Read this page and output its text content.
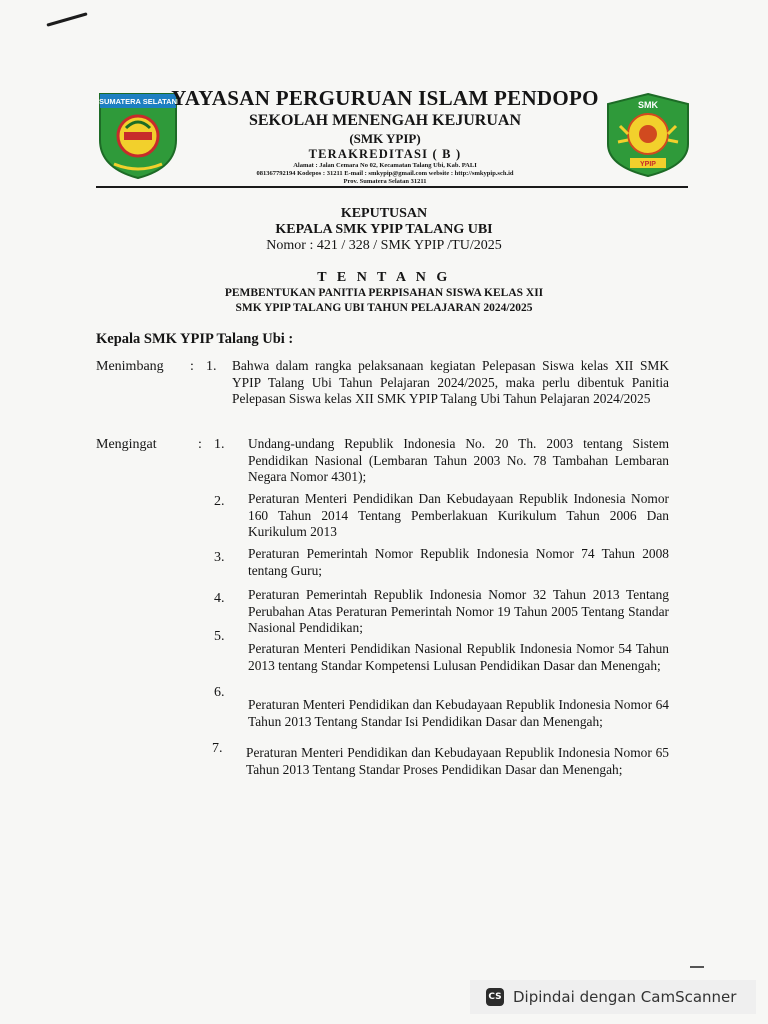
SUMATERA SELATAN	SMK
YPIP
YAYASAN PERGURUAN ISLAM PENDOPO
SEKOLAH MENENGAH KEJURUAN
(SMK YPIP)
TERAKREDITASI ( B )
Alamat : Jalan Cemara No 02, Kecamatan Talang Ubi, Kab. PALI
081367792194 Kodepos : 31211 E-mail : smkypip@gmail.com website : http://smkypip.sch.id
Prov. Sumatera Selatan 31211
KEPUTUSAN
KEPALA SMK YPIP TALANG UBI
Nomor : 421 / 328 / SMK YPIP /TU/2025
T E N T A N G
PEMBENTUKAN PANITIA PERPISAHAN SISWA KELAS XII
SMK YPIP TALANG UBI TAHUN PELAJARAN 2024/2025
Kepala SMK YPIP Talang Ubi :
Menimbang : 1. Bahwa dalam rangka pelaksanaan kegiatan Pelepasan Siswa kelas XII SMK YPIP Talang Ubi Tahun Pelajaran 2024/2025, maka perlu dibentuk Panitia Pelepasan Siswa kelas XII SMK YPIP Talang Ubi Tahun Pelajaran 2024/2025
Mengingat	: 1. Undang-undang Republik Indonesia No. 20 Th. 2003 tentang Sistem Pendidikan Nasional (Lembaran Tahun 2003 No. 78 Tambahan Lembaran Negara Nomor 4301);
2. Peraturan Menteri Pendidikan Dan Kebudayaan Republik Indonesia Nomor 160 Tahun 2014 Tentang Pemberlakuan Kurikulum Tahun 2006 Dan Kurikulum 2013
3. Peraturan Pemerintah Nomor Republik Indonesia Nomor 74 Tahun 2008 tentang Guru;
4. Peraturan Pemerintah Republik Indonesia Nomor 32 Tahun 2013 Tentang Perubahan Atas Peraturan Pemerintah Nomor 19 Tahun 2005 Tentang Standar Nasional Pendidikan;
5.
Peraturan Menteri Pendidikan Nasional Republik Indonesia Nomor 54 Tahun 2013 tentang Standar Kompetensi Lulusan Pendidikan Dasar dan Menengah;
6.
Peraturan Menteri Pendidikan dan Kebudayaan Republik Indonesia Nomor 64 Tahun 2013 Tentang Standar Isi Pendidikan Dasar dan Menengah;
7. Peraturan Menteri Pendidikan dan Kebudayaan Republik Indonesia Nomor 65 Tahun 2013 Tentang Standar Proses Pendidikan Dasar dan Menengah;
CS Dipindai dengan CamScanner
